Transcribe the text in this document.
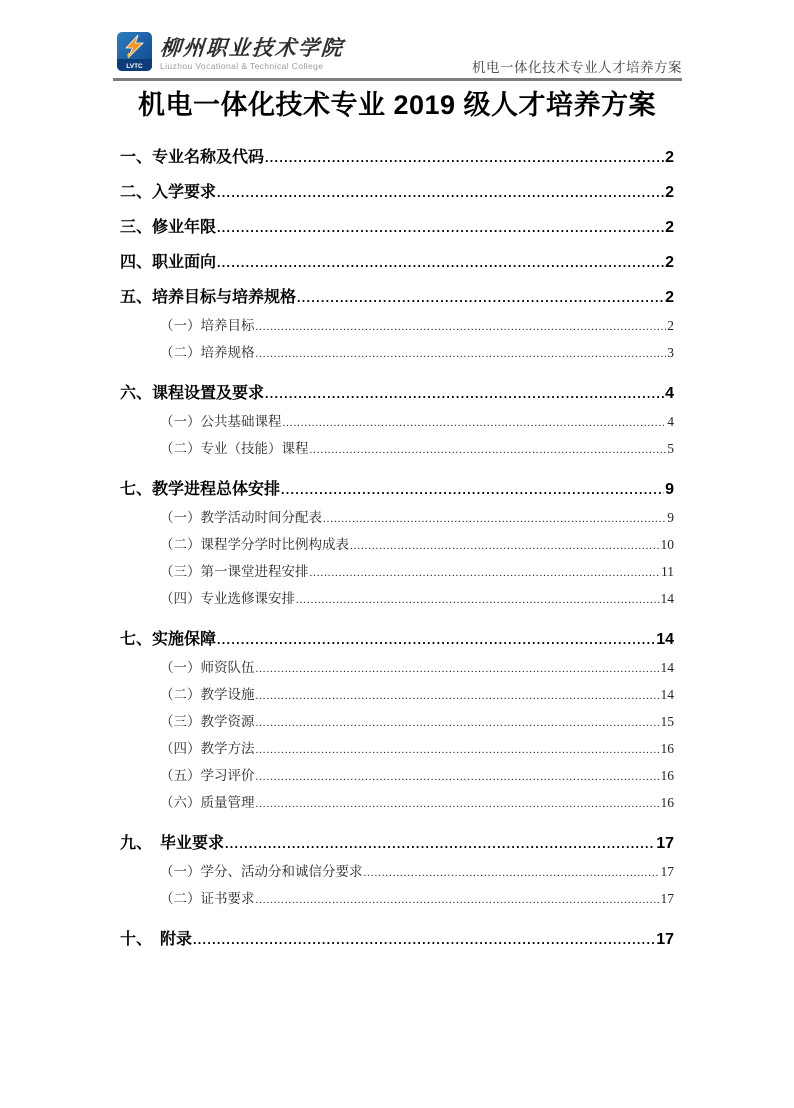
LVTC
柳州职业技术学院
Liuzhou Vocational & Technical College	机电一体化技术专业人才培养方案
机电一体化技术专业 2019 级人才培养方案
一、专业名称及代码 .....	2
二、入学要求 .....	2
三、修业年限 .....	2
四、职业面向 .....	2
五、培养目标与培养规格 .....	2
（一）培养目标 .....	2
（二）培养规格 .....	3
六、课程设置及要求 .....	4
（一）公共基础课程 .....	4
（二）专业（技能）课程 .....	5
七、教学进程总体安排 .....	9
（一）教学活动时间分配表 .....	9
（二）课程学分学时比例构成表 .....	10
（三）第一课堂进程安排 .....	11
（四）专业选修课安排 .....	14
七、实施保障 .....	14
（一）师资队伍 .....	14
（二）教学设施 .....	14
（三）教学资源 .....	15
（四）教学方法 .....	16
（五）学习评价 .....	16
（六）质量管理 .....	16
九、　毕业要求 .....	17
（一）学分、活动分和诚信分要求 .....	17
（二）证书要求 .....	17
十、　附录 .....	17
